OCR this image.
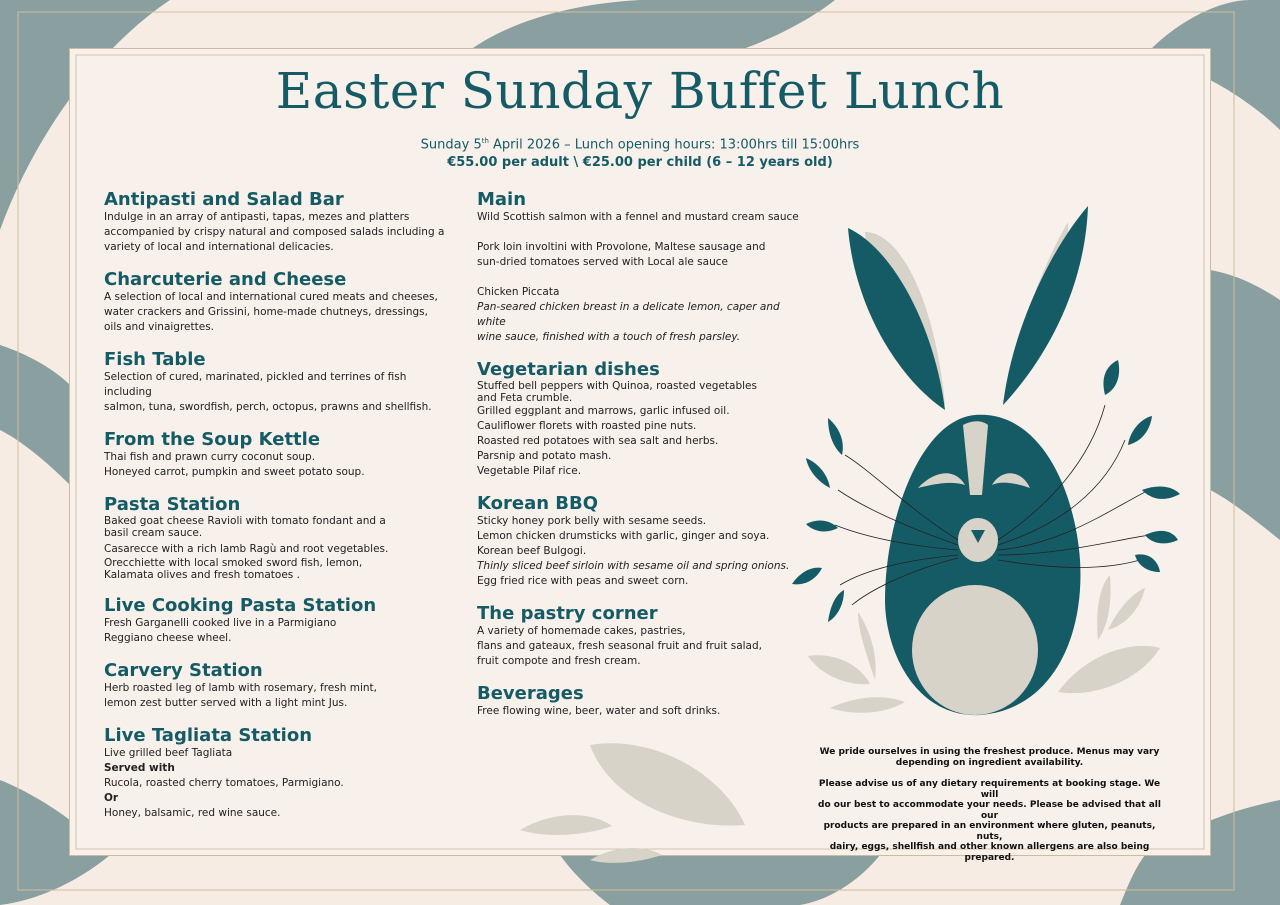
Easter Sunday Buffet Lunch
Sunday 5th April 2026 – Lunch opening hours: 13:00hrs till 15:00hrs
€55.00 per adult \ €25.00 per child (6 – 12 years old)
Antipasti and Salad Bar

Indulge in an array of antipasti, tapas, mezes and platters

accompanied by crispy natural and composed salads including a

variety of local and international delicacies.

Charcuterie and Cheese

A selection of local and international cured meats and cheeses,

water crackers and Grissini, home-made chutneys, dressings,

oils and vinaigrettes.

Fish Table

Selection of cured, marinated, pickled and terrines of fish including

salmon, tuna, swordfish, perch, octopus, prawns and shellfish.

From the Soup Kettle

Thai fish and prawn curry coconut soup.

Honeyed carrot, pumpkin and sweet potato soup.

Pasta Station

Baked goat cheese Ravioli with tomato fondant and a

basil cream sauce.

Casarecce with a rich lamb Ragù and root vegetables.

Orecchiette with local smoked sword fish, lemon,

Kalamata olives and fresh tomatoes .

Live Cooking Pasta Station

Fresh Garganelli cooked live in a Parmigiano

Reggiano cheese wheel.

Carvery Station

Herb roasted leg of lamb with rosemary, fresh mint,

lemon zest butter served with a light mint Jus.

Live Tagliata Station

Live grilled beef Tagliata

Served with

Rucola, roasted cherry tomatoes, Parmigiano.

Or

Honey, balsamic, red wine sauce.

Main

Wild Scottish salmon with a fennel and mustard cream sauce

Pork loin involtini with Provolone, Maltese sausage and

sun-dried tomatoes served with Local ale sauce

Chicken Piccata

Pan-seared chicken breast in a delicate lemon, caper and white

wine sauce, finished with a touch of fresh parsley.

Vegetarian dishes

Stuffed bell peppers with Quinoa, roasted vegetables

and Feta crumble.

Grilled eggplant and marrows, garlic infused oil.

Cauliflower florets with roasted pine nuts.

Roasted red potatoes with sea salt and herbs.

Parsnip and potato mash.

Vegetable Pilaf rice.

Korean BBQ

Sticky honey pork belly with sesame seeds.

Lemon chicken drumsticks with garlic, ginger and soya.

Korean beef Bulgogi.

Thinly sliced beef sirloin with sesame oil and spring onions.

Egg fried rice with peas and sweet corn.

The pastry corner

A variety of homemade cakes, pastries,

flans and gateaux, fresh seasonal fruit and fruit salad,

fruit compote and fresh cream.

Beverages

Free flowing wine, beer, water and soft drinks.

We pride ourselves in using the freshest produce. Menus may vary
depending on ingredient availability.
Please advise us of any dietary requirements at booking stage. We will
do our best to accommodate your needs. Please be advised that all our
products are prepared in an environment where gluten, peanuts, nuts,
dairy, eggs, shellfish and other known allergens are also being prepared.
